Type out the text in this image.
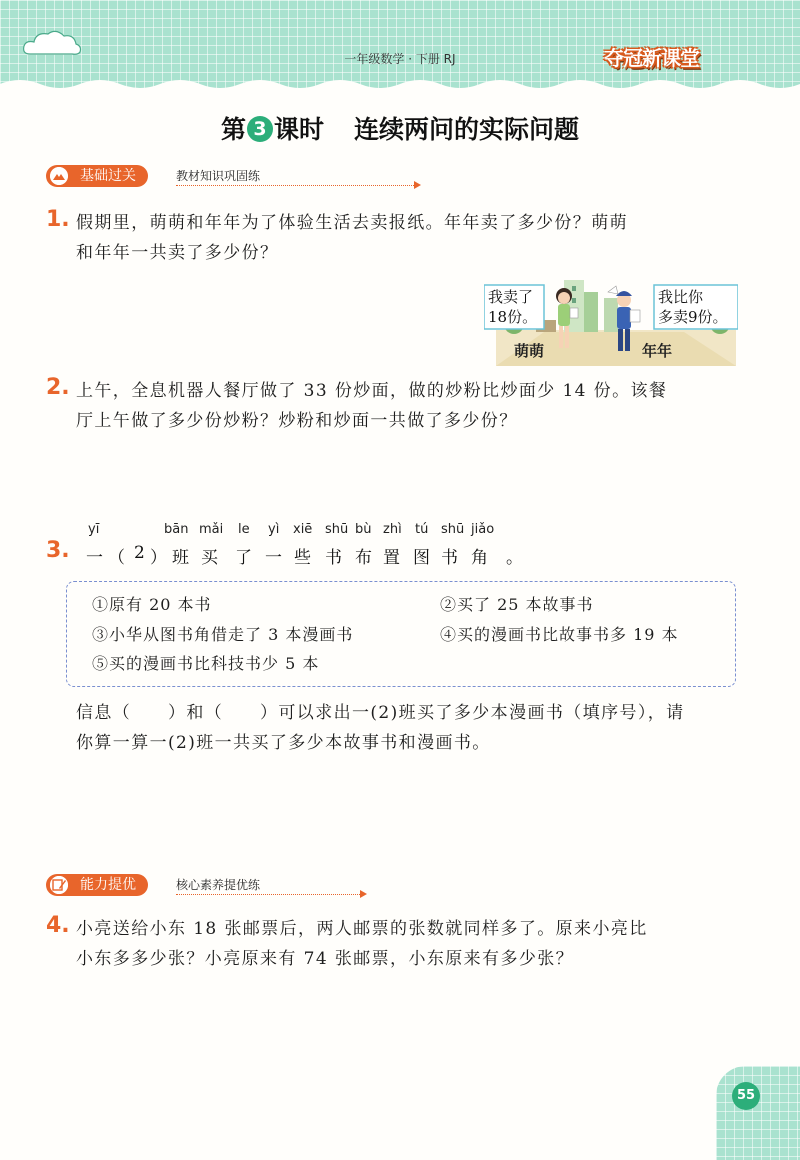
一年级数学 · 下册 RJ	夺冠新课堂
第 3 课时 连续两问的实际问题
基础过关	教材知识巩固练
1. 假期里，萌萌和年年为了体验生活去卖报纸。年年卖了多少份？萌萌
和年年一共卖了多少份？
我卖了
18份。
我比你
多卖9份。
萌萌	年年
2. 上午，全息机器人餐厅做了 33 份炒面，做的炒粉比炒面少 14 份。该餐
厅上午做了多少份炒粉？炒粉和炒面一共做了多少份？
3.
yī	bān mǎi le yì xiē shū bù zhì tú shū jiǎo
一 （ 2 ） 班 买 了 一 些 书 布 置 图 书 角 。
①原有 20 本书	②买了 25 本故事书
③小华从图书角借走了 3 本漫画书	④买的漫画书比故事书多 19 本
⑤买的漫画书比科技书少 5 本
信息（　　）和（　　）可以求出一(2)班买了多少本漫画书（填序号），请
你算一算一(2)班一共买了多少本故事书和漫画书。
能力提优	核心素养提优练
4. 小亮送给小东 18 张邮票后，两人邮票的张数就同样多了。原来小亮比
小东多多少张？小亮原来有 74 张邮票，小东原来有多少张？
55
